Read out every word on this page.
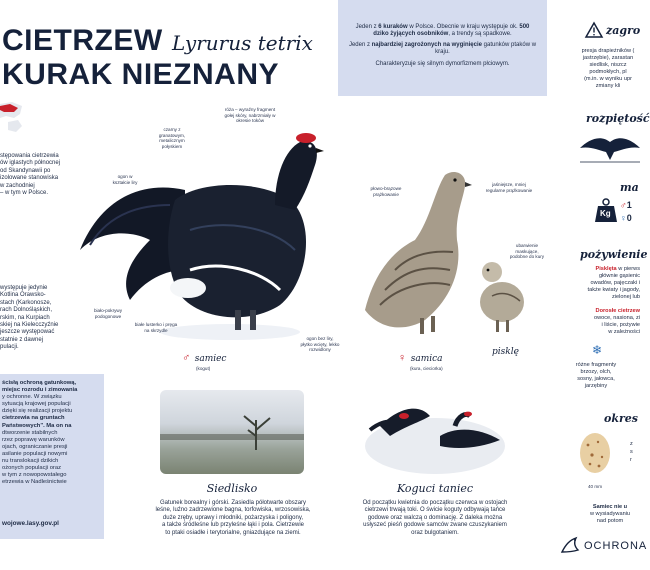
CIETRZEW
KURAK NIEZNANY
Lyrurus tetrix
Jeden z 6 kuraków w Polsce. Obecnie w kraju występuje ok. 500 dziko żyjących osobników, a trendy są spadkowe.
Jeden z najbardziej zagrożonych na wyginięcie gatunków ptaków w kraju.
Charakteryzuje się silnym dymorfizmem płciowym.
zagro
presja drapieżników (
jastrzębie), zarastan
siedlisk, niszcz
podmokłych, pl
(m.in. w wyniku upr
zmiany kli
stępowania cietrzewia
ów iglastych północnej
od Skandynawii po
izolowane stanowiska
w zachodniej
– w tym w Polsce.
występuje jedynie
Kotlina Orawsko-
stach (Karkonosze,
rach Dolnośląskich,
rskim, na Kurpiach
skiej na Kielecczyźnie
jeszcze występować
statnie z dawnej
pulacji.
ścisłą ochroną gatunkową,
miejsc rozrodu i zimowania
y ochronne. W związku
sytuacją krajowej populacji
dzięki się realizacji projektu
cietrzewia na gruntach
Państwowych". Ma on na
dtworzenie stabilnych
rzez poprawę warunków
ojach, ograniczanie presji
asilanie populacji nowymi
nu translokacji dzikich
ożonych populacji oraz
w tym z nowopowstałego
etrzewia w Nadleśnictwie
wojowe.lasy.gov.pl
czarny z granatowym, metalicznym połyskiem
róża – wyraźny fragment gołej skóry, nabrzmiały w okresie toków
ogon w kształcie liry
biało-pokrywy podogonowe
białe lusterko i pręga na skrzydle
♂ samiec
(kogut)
płowo-brązowe prążkowanie
jaśniejsze, mniej regularne prążkowanie
ubarwienie maskujące, podobne do kury
ogon bez liry, płytko wcięty, lekko rozwidlony
♀ samica
(kura, cieciorka)
pisklę
Siedlisko
Gatunek borealny i górski. Zasiedla półotwarte obszary
leśne, luźno zadrzewione bagna, torfowiska, wrzosowiska,
duże zręby, uprawy i młodniki, pożarzyska i poligony,
a także śródleśne lub przyleśne łąki i pola. Cietrzewie
to ptaki osiadłe i terytorialne, gniazdujące na ziemi.
Koguci taniec
Od początku kwietnia do początku czerwca w ostojach
cietrzewi trwają toki. O świcie koguty odbywają tańce
godowe oraz walczą o dominację. Z daleka można
usłyszeć pieśń godowe samców zwane czuszykaniem
oraz bulgotaniem.
rozpiętość
ma
Kg
♂1
♀0
pożywienie
Pisklęta w pierws
głównie gąsienic
owadów, pajęczaki i
także kwiaty i jagody,
zielonej lub
Dorosłe cietrzew
owoce, nasiona, zi
i liście, pożywie
w zależności
❄
różne fragmenty
brzozy, olch,
sosny, jałowca,
jarzębiny
okres
40 mm
z
s
r
Samiec nie u
w wysiadywaniu
nad potom
OCHRONA
